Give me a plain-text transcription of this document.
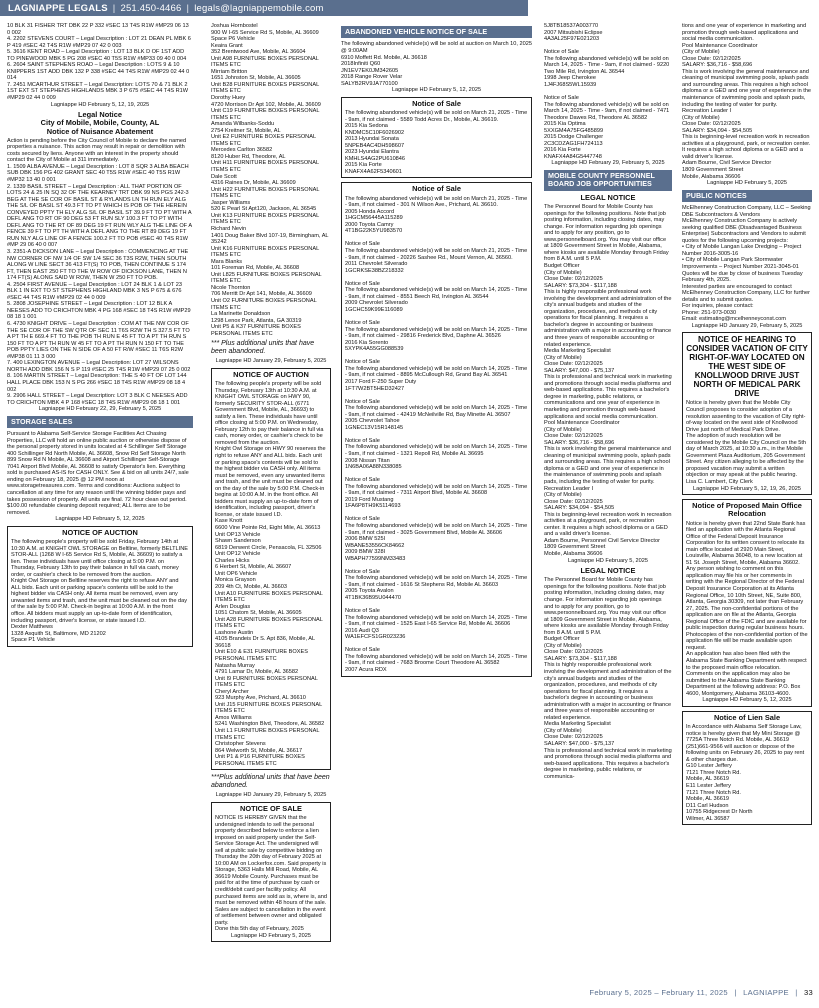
LAGNIAPPE LEGALS | 251.450-4466 | legals@lagniappemobile.com

10 BLK 31 FISHER TRT DBK 22 P 332 #SEC 13 T4S R1W #MP29 06 13 0 002

4. 2202 STEVENS COURT – Legal Description : LOT 21 DEAN PL MBK 6 P 419 #SEC 42 T4S R1W #MP29 07 42 0 003

5. 3616 KENT ROAD – Legal Description : LOT 13 BLK D OF 1ST ADD TO PINEWOOD MBK 5 PG 208 #SEC 40 T5S R1W #MP33 09 40 0 004

6. 2604 SAINT STEPHENS ROAD – Legal Description : LOTS 9 & 10 KNIPPERS 1ST ADD DBK 132 P 338 #SEC 44 T4S R1W #MP29 02 44 0 014

7. 2451 MCARTHUR STREET – Legal Description: LOTS 70 & 71 BLK 2 1ST EXT ST STEPHENS HIGHLANDS MBK 3 P 675 #SEC 44 T4S R1W #MP29 02 44 0 009

Lagniappe HD February 5, 12, 19, 2025

Legal Notice
City of Mobile, Mobile, County, AL
Notice of Nuisance Abatement

Action is pending before the City Council of Mobile to declare the named properties a nuisance. This action may result in repair or demolition with costs secured by liens. Anyone with an interest in the property should contact the City of Mobile at 311 immediately.

1. 1509 ALBA AVENUE – Legal Description : LOT 8 SQR 3 ALBA BEACH SUB DBK 156 PG 402 GRANT SEC 40 T5S R1W #SEC 40 T5S R1W #MP32 13 40 0 001

2. 1339 BASIL STREET – Legal Description : ALL THAT PORTION OF LOTS 24 & 25 IN SQ 32 OF THE KEARNEY TRT DBK 99 NS PGS 242-3 BEG AT THE SE COR OF BASIL ST & RYLANDS LN TH RUN ELY ALG THE S/L OF BASIL ST 49.3 FT TO PT WHICH IS POB OF THE HEREIN CONVEYED PPTY TH ELY ALG S/L OF BASIL ST 39.9 FT TO PT WITH A DEFL ANG TO RT OF 90 DEG 53 FT RUN SLY 100.3 FT TO PT WITH DEFL ANG TO THE RT OF 89 DEG 19 FT RUN WLY ALG THE LINE OF A FENCE 39 FT TO PT TH WITH A DEFL ANG TO THE RT 89 DEG 19 FT RUN NLY ALG LINE OF A FENCE 100.2 FT TO POB #SEC 40 T4S R1W #MP 29 06 40 0 007

3. 2351-A DICKSON LANE – Legal Description : COMMENCING AT THE NW CORNER OF NW 1/4 OF SW 1/4 SEC 36 T3S R2W, THEN SOUTH ALONG W LINE SECT 36 413 FT(S) TO POB, THEN CONTINUE S 174 FT, THEN EAST 250 FT TO THE W ROW OF DICKSON LANE, THEN N 174 FT(S) ALONG SAID W ROW, THEN W 250 FT TO POB.

4. 2504 FIRST AVENUE – Legal Description : LOT 24 BLK 1 & LOT 23 BLK 1 IN EXT TO ST STEPHENS HIGHLAND MBK 3 NS P 675 & 676 #SEC 44 T4S R1W #MP29 02 44 0 009

5. 2808 JOSEPHINE STREET – Legal Description : LOT 12 BLK A NEESES ADD TO CRICHTON MBK 4 PG 168 #SEC 18 T4S R1W #MP29 08 18 1 001

6. 4730 KNIGHT DRIVE – Legal Description : COM AT THE NW COR OF THE SE COR OF THE SW QTR OF SEC 11 T6S R2W TH S 327.5 FT TO A PT TH E 669.4 FT TO THE POB TH RUN E 45 FT TO A PT TH RUN S 150 FT TO A PT TH RUN W 45 FT TO A PT TH RUN N 150 FT TO THE POB PPTY LIES ON THE N SIDE OF A 50 FT R/W #SEC 11 T6S R2W #MP38 01 11 3 000

7. 400 LEXINGTON AVENUE – Legal Description: LOT 27 WILSONS NORTH ADD DBK 156 N S P 119 #SEC 25 T4S R1W #MP29 07 25 0 002

8. 106 MARTIN STREET – Legal Description: THE S 40 FT OF LOT 144 HALL PLACE DBK 153 N S PG 266 #SEC 18 T4S R1W #MP29 08 18 4 002

9. 2906 HALL STREET – Legal Description: LOT 3 BLK C NEESES ADD TO CRICHTON MBK 4 P 168 #SEC 18 T4S R1W #MP29 08 18 1 001

Lagniappe HD February 22, 29, February 5, 2025

STORAGE SALES

Pursuant to Alabama Self-Service Storage Facilities Act Chasing Properties, LLC will hold an online public auction or otherwise dispose of the personal property stored in units located at 4 Schillinger Self Storage 400 Schillinger Rd North Mobile, AL 36608, Snow Rd Self Storage North 899 Snow Rd N Mobile, AL 36608 and Airport Schillinger Self-Storage 7041 Airport Blvd Mobile, AL 36608 to satisfy Operator's lien. Everything sold is purchased AS-IS for CASH ONLY. See & bid on all units 24/7, sale ending on February 18, 2025 @ 12 PM noon at www.storagetreasures.com. Terms and conditions: Auctions subject to cancellation at any time for any reason until the winning bidder pays and takes possession of property. All units are final. 72 hour clean out period. $100.00 refundable cleaning deposit required; ALL items are to be removed.

Lagniappe HD February 5, 12, 2025

NOTICE OF AUCTION

The following people's property will be sold Friday, February 14th at 10:30 A.M. at KNIGHT OWL STORAGE on Beltline, formerly BELTLINE STOR-ALL (1268 W I-65 Service Rd S, Mobile, AL 36609) to satisfy a lien. These individuals have until office closing at 5:00 P.M. on Thursday, February 13th to pay their balance in full via cash, money order, or cashier's check to be removed from the auction.

Knight Owl Storage on Beltline reserves the right to refuse ANY and ALL bids. Each unit or parking space's contents will be sold to the highest bidder via CASH only. All items must be removed, even any unwanted items and trash, and the unit must be cleaned out on the day of the sale by 5:00 P.M. Check-in begins at 10:00 A.M. in the front office. All bidders must supply an up-to-date form of identification, including passport, driver's license, or state issued I.D.

Dexter Matthews

1328 Asquith St, Baltimore, MD 21202

Space P1 Vehicle

Joshua Hornbostel

900 W I-65 Service Rd S, Mobile, AL 36609

Space P6 Vehicle

Keaira Grant

352 Brentwood Ave, Mobile, AL 36604

Unit A98 FURNITURE BOXES PERSONAL ITEMS ETC

Mirriam Britton

1651 Johnston St, Mobile, AL 36605

Unit B28 FURNITURE BOXES PERSONAL ITEMS ETC

Dorothy Huey

4720 Morrison Dr Apt 102, Mobile, AL 36609

Unit C19 FURNITURE BOXES PERSONAL ITEMS ETC

Amanda Wilbanks-Soddu

2754 Kreitner St, Mobile, AL

Unit E2 FURNITURE BOXES PERSONAL ITEMS ETC

Mercedes Carlton 36582

8120 Huber Rd, Theodore, AL

Unit H11 FURNITURE BOXES PERSONAL ITEMS ETC

Dale Scott

4316 Raines Dr, Mobile, AL 36609

Unit H22 FURNITURE BOXES PERSONAL ITEMS ETC

Jasper Williams

520 E Pearl St Apt120, Jackson, AL 36545

Unit K13 FURNITURE BOXES PERSONAL ITEMS ETC

Richard Nevin

1401 Doug Baker Blvd 107-19, Birmingham, AL 35242

Unit K16 FURNITURE BOXES PERSONAL ITEMS ETC

Mara Blanks

101 Foreman Rd, Mobile, AL 36608

Unit L825 FURNITURE BOXES PERSONAL ITEMS ETC

Nicole Thornton

706 Merritt Dr Apt 141, Mobile, AL 36609

Unit O2 FURNITURE BOXES PERSONAL ITEMS ETC

La Marinette Donaldson

1298 Lenox Park, Atlanta, GA 30319

Unit P5 & K37 FURNITURE BOXES PERSONAL ITEMS ETC

*** Plus additional units that have been abandoned.

Lagniappe HD January 29, February 5, 2025

NOTICE OF AUCTION

The following people's property will be sold Thursday, February 13th at 10:30 A.M. at KNIGHT OWL STORAGE on HWY 90, formerly SECURITY STOR-ALL (6771 Government Blvd, Mobile, AL, 36693) to satisfy a lien. These individuals have until office closing at 5:00 P.M. on Wednesday, February 12th to pay their balance in full via cash, money order, or cashier's check to be removed from the auction.

Knight Owl Storage on HWY 90 reserves the right to refuse ANY and ALL bids. Each unit or parking space's contents will be sold to the highest bidder via CASH only. All items must be removed, even any unwanted items and trash, and the unit must be cleaned out on the day of the sale by 5:00 P.M. Check-in begins at 10:00 A.M. in the front office. All bidders must supply an up-to-date form of identification, including passport, driver's license, or state issued I.D.

Kase Knott

6600 Vine Pointe Rd, Eight Mile, AL 36613

Unit OP13 Vehicle

Shawn Sanderson

6819 Derwent Circle, Pensacola, FL 32506

Unit OP12 Vehicle

Charles Hicks

6 Herbert St, Mobile, AL 36607

Unit OP6 Vehicle

Monica Grayson

209 4th Ct, Mobile, AL 36603

Unit A10 FURNITURE BOXES PERSONAL ITEMS ETC

Arlen Douglas

1051 Chatom St, Mobile, AL 36605

Unit A28 FURNITURE BOXES PERSONAL ITEMS ETC

Lashone Austin

4105 Brandeis Dr S. Apt 836, Mobile, AL 36618

Unit E10 & E31 FURNITURE BOXES PERSONAL ITEMS ETC

Natasha Murray

4791 Lamar Dr, Mobile, AL 36582

Unit I9 FURNITURE BOXES PERSONAL ITEMS ETC

Cheryl Archer

923 Murphy Ave, Prichard, AL 36610

Unit J15 FURNITURE BOXES PERSONAL ITEMS ETC

Amos Williams

5241 Washington Blvd, Theodore, AL 36582

Unit L1 FURNITURE BOXES PERSONAL ITEMS ETC

Christopher Stevens

864 Welworth St, Mobile, AL 36617

Unit P1 & P16 FURNITURE BOXES PERSONAL ITEMS ETC

***Plus additional units that have been abandoned.

Lagniappe HD January 29, February 5, 2025

NOTICE OF SALE

NOTICE IS HEREBY GIVEN that the undersigned intends to sell the personal property described below to enforce a lien imposed on said property under the Self-Service Storage Act. The undersigned will sell at public sale by competitive bidding on Thursday the 20th day of February 2025 at 10:00 AM on Lockerfox.com. Said property is Storage, 5363 Halls Mill Road, Mobile, AL 36619 Mobile County. Purchases must be paid for at the time of purchase by cash or credit/debit card per facility policy. All purchased items are sold as is, where is, and must be removed within 48 hours of the sale. Sales are subject to cancellation in the event of settlement between owner and obligated party.

Done this 5th day of February, 2025

Lagniappe HD February 5, 2025

ABANDONED VEHICLE NOTICE OF SALE

The following abandoned vehicle(s) will be sold at auction on March 10, 2025 @ 9:00AM

6910 Moffett Rd. Mobile, AL 36618

2018Infiniti Q60

JN1EV7EK0JM342605

2018 Range Rover Velar

SALYB2RV9JA770100

Lagniappe HD February 5, 12, 2025

Notice of Sale

The following abandoned vehicle(s) will be sold on March 21, 2025 - Time - 9am, if not claimed - 5589 Todd Acres Dr., Mobile, AL 36619.

2015 Kia Sedona

KNDMC5C10F6026902

2013 Hyundai Sonata

5NPEB4AC4DH598607

2023 Hyundai Elantra

KMHLS4AG2PU610846

2015 Kia Forte

KNAFX4A62F5340601

Notice of Sale

The following abandoned vehicle(s) will be sold on March 21, 2025 - Time - 9am, if not claimed - 301 N Wilson Ave., Prichard, AL 36610.

2005 Honda Accord

1HGCM56445A115289

2000 Toyota Camry

4T1BG22K5YU983570

Notice of Sale

The following abandoned vehicle(s) will be sold on March 21, 2025 - Time - 9am, if not claimed - 20226 Sashee Rd., Mount Vernon, AL 36560.

2011 Chevrolet Silverado

1GCRKSE38BZ218332

Notice of Sale

The following abandoned vehicle(s) will be sold on March 14, 2025 - Time - 9am, if not claimed - 8551 Beech Rd, Irvington AL 36544

2009 Chevrolet Silverado

1GCHC59K99E116089

Notice of Sale

The following abandoned vehicle(s) will be sold on March 14, 2025 - Time - 9am, if not claimed - 29816 Frederick Blvd, Daphne AL 36526

2016 Kia Sorento

5XYPK4A55GG088539

Notice of Sale

The following abandoned vehicle(s) will be sold on March 14, 2025 - Time - 9am, if not claimed - 8895 McCullough Rd, Grand Bay AL 36541

2017 Ford F-250 Super Duty

1FT7W2BT5HED32427

Notice of Sale

The following abandoned vehicle(s) will be sold on March 14, 2025 - Time - 9am, if not claimed - 42419 McNeilville Rd, Bay Minette AL 36507

2005 Chevrolet Tahoe

1GNEC13V15R148145

Notice of Sale

The following abandoned vehicle(s) will be sold on March 14, 2025 - Time - 9am, if not claimed - 1321 Repoll Rd, Mobile AL 36695

2008 Nissan Titan

1N6BA06A88N338085

Notice of Sale

The following abandoned vehicle(s) will be sold on March 14, 2025 - Time - 9am, if not claimed - 7311 Airport Blvd, Mobile AL 36608

2019 Ford Mustang

1FA6P8TH9K5114693

Notice of Sale

The following abandoned vehicle(s) will be sold on March 14, 2025 - Time - 9am, if not claimed - 3025 Government Blvd, Mobile AL 36606

2006 BMW 525I

WBANE53556CK84662

2009 BMW 328I

WBAPH77599NM33483

Notice of Sale

The following abandoned vehicle(s) will be sold on March 14, 2025 - Time - 9am, if not claimed - 1616 St Stephens Rd, Mobile AL 36603

2005 Toyota Avalon

4T1BK36B95U044470

Notice of Sale

The following abandoned vehicle(s) will be sold on March 14, 2025 - Time - 9am, if not claimed - 1525 East I-65 Service Rd, Mobile AL 36606

2016 Audi Q3

WA1EFCFS1GR023236

Notice of Sale

The following abandoned vehicle(s) will be sold on March 14, 2025 - Time - 9am, if not claimed - 7683 Broome Court Theodore AL 36582

2007 Acura RDX

5J8TB18537A003770

2007 Mitsubishi Eclipse

4A3AL25F97E021203

Notice of Sale

The following abandoned vehicle(s) will be sold on March 14, 2025 - Time - 9am, if not claimed - 9220 Two Mile Rd, Irvington AL 36544

1998 Jeep Cherokee

1J4FJ68S5WL15939

Notice of Sale

The following abandoned vehicle(s) will be sold on March 14, 2025 - Time - 9am, if not claimed - 7471 Theodore Dawes Rd, Theodore AL 36582

2015 Kia Optima

5XXGM4A75FG485899

2015 Dodge Challenger

2C3CDZAG1FH724113

2016 Kia Forte

KNAFX4A84G5447748

Lagniappe HD February 29, February 5, 2025

MOBILE COUNTY PERSONNEL BOARD JOB OPPORTUNITIES
LEGAL NOTICE

The Personnel Board for Mobile County has openings for the following positions. Note that job posting information, including closing dates, may change. For information regarding job openings and to apply for any position, go to www.personnelboard.org. You may visit our office at 1809 Government Street in Mobile, Alabama, where kiosks are available Monday through Friday from 8 A.M. until 5 P.M.

Budget Officer

(City of Mobile)

Close Date: 02/12/2025

SALARY: $73,304 - $117,188

This is highly responsible professional work involving the development and administration of the city's annual budgets and studies of the organization, procedures, and methods of city operations for fiscal planning. It requires a bachelor's degree in accounting or business administration with a major in accounting or finance and three years of responsible accounting or related experience.

Media Marketing Specialist

(City of Mobile)

Close Date: 02/12/2025

SALARY: $47,000 - $75,137

This is professional and technical work in marketing and promotions through social media platforms and web-based applications. This requires a bachelor's degree in marketing, public relations, or communications and one year of experience in marketing and promotion through web-based applications and social media communication.

Pool Maintenance Coordinator

(City of Mobile)

Close Date: 02/12/2025

SALARY: $36,716 - $58,696

This is work involving the general maintenance and cleaning of municipal swimming pools, splash pads and surrounding areas. This requires a high school diploma or a GED and one year of experience in the maintenance of swimming pools and splash pads, including the testing of water for purity.

Recreation Leader I

(City of Mobile)

Close Date: 02/12/2025

SALARY: $34,094 - $54,505

This is beginning-level recreation work in recreation activities at a playground, park, or recreation center. It requires a high school diploma or a GED and a valid driver's license.

Adam Bourne, Personnel Civil Service Director

1809 Government Street

Mobile, Alabama 36606

Lagniappe HD February 5, 2025

LEGAL NOTICE

The Personnel Board for Mobile County has openings for the following positions. Note that job posting information, including closing dates, may change. For information regarding job openings and to apply for any position, go to www.personnelboard.org. You may visit our office at 1809 Government Street in Mobile, Alabama, where kiosks are available Monday through Friday from 8 A.M. until 5 P.M.

Budget Officer

(City of Mobile)

Close Date: 02/12/2025

SALARY: $73,304 - $117,188

This is highly responsible professional work involving the development and administration of the city's annual budgets and studies of the organization, procedures, and methods of city operations for fiscal planning. It requires a bachelor's degree in accounting or business administration with a major in accounting or finance and three years of responsible accounting or related experience.

Media Marketing Specialist

(City of Mobile)

Close Date: 02/12/2025

SALARY: $47,000 - $75,137

This is professional and technical work in marketing and promotions through social media platforms and web-based applications. This requires a bachelor's degree in marketing, public relations, or communica-

tions and one year of experience in marketing and promotion through web-based applications and social media communication.

Pool Maintenance Coordinator

(City of Mobile)

Close Date: 02/12/2025

SALARY: $36,716 - $58,696

This is work involving the general maintenance and cleaning of municipal swimming pools, splash pads and surrounding areas. This requires a high school diploma or a GED and one year of experience in the maintenance of swimming pools and splash pads, including the testing of water for purity.

Recreation Leader I

(City of Mobile)

Close Date: 02/12/2025

SALARY: $34,094 - $54,505

This is beginning-level recreation work in recreation activities at a playground, park, or recreation center. It requires a high school diploma or a GED and a valid driver's license.

Adam Bourne, Civil Service Director

1809 Government Street

Mobile, Alabama 36606

Lagniappe HD February 5, 2025

PUBLIC NOTICES

McElhenney Construction Company, LLC – Seeking DBE Subcontractors & Vendors

McElhenney Construction Company is actively seeking qualified DBE (Disadvantaged Business Enterprise) Subcontractors and Vendors to submit quotes for the following upcoming projects:

• City of Mobile Langan Lake Dredging – Project Number 2016-3005-16

• City of Mobile Langan Park Stormwater Improvements – Project Number 2021-3045-01

Quotes will be due by close of business Tuesday February 4th, 2025.

Interested parties are encouraged to contact McElhenney Construction Company, LLC for further details and to submit quotes.

For inquiries, please contact:

Phone: 251-973-0030

Email: estimating@mcelhenneyconst.com

Lagniappe HD January 29, February 5, 2025

NOTICE OF HEARING TO CONSIDER VACATION OF CITY RIGHT-OF-WAY LOCATED ON THE WEST SIDE OF KNOLLWOOD DRIVE JUST NORTH OF MEDICAL PARK DRIVE

Notice is hereby given that the Mobile City Council proposes to consider adoption of a resolution assenting to the vacation of City right-of-way located on the west side of Knollwood Drive just north of Medical Park Drive.

The adoption of such resolution will be considered by the Mobile City Council on the 5th day of March 2025, at 10:30 a.m., in the Mobile Government Plaza Auditorium, 205 Government Street. Any citizen alleging to be affected by the proposed vacation may submit a written objection or may speak at the public hearing.

Lisa C. Lambert, City Clerk

Lagniappe HD February 5, 12, 19, 26, 2025

Notice of Proposed Main Office Relocation

Notice is hereby given that 22nd State Bank has filed an application with the Atlanta Regional Office of the Federal Deposit Insurance Corporation for its written consent to relocate its main office located at 2920 Main Street, Louisville, Alabama 36048, to a new location at 51 St. Joseph Street, Mobile, Alabama 36602.

Any person wishing to comment on this application may file his or her comments in writing with the Regional Director of the Federal Deposit Insurance Corporation at its Atlanta Regional Office, 10 10th Street, NE, Suite 800, Atlanta, Georgia 30309, not later than February 27, 2025. The non-confidential portions of the application are on file at the Atlanta, Georgia Regional Office of the FDIC and are available for public inspection during regular business hours. Photocopies of the non-confidential portion of the application file will be made available upon request.

An application has also been filed with the Alabama State Banking Department with respect to the proposed main office relocation. Comments on the application may also be submitted to the Alabama State Banking Department at the following address: P.O. Box 4600, Montgomery, Alabama 36103-4600.

Lagniappe HD February 5, 12, 2025

Notice of Lien Sale

In Accordance with Alabama Self Storage Law, notice is hereby given that My Mini Storage @ 7725A Three Notch Rd. Mobile, AL 36619 (251)661-9566 will auction or dispose of the following units on February 26, 2025 to pay rent & other charges due.

G10 Lester Jeffery

7121 Three Notch Rd.

Mobile, AL 36619

E11 Lester Jeffery

7121 Three Notch Rd.

Mobile, AL 36619

D11 Carl Hudson

10755 Ridgecrest Dr North

Wilmer, AL 36587

February 5, 2025 – February 11, 2025 | LAGNIAPPE | 33
